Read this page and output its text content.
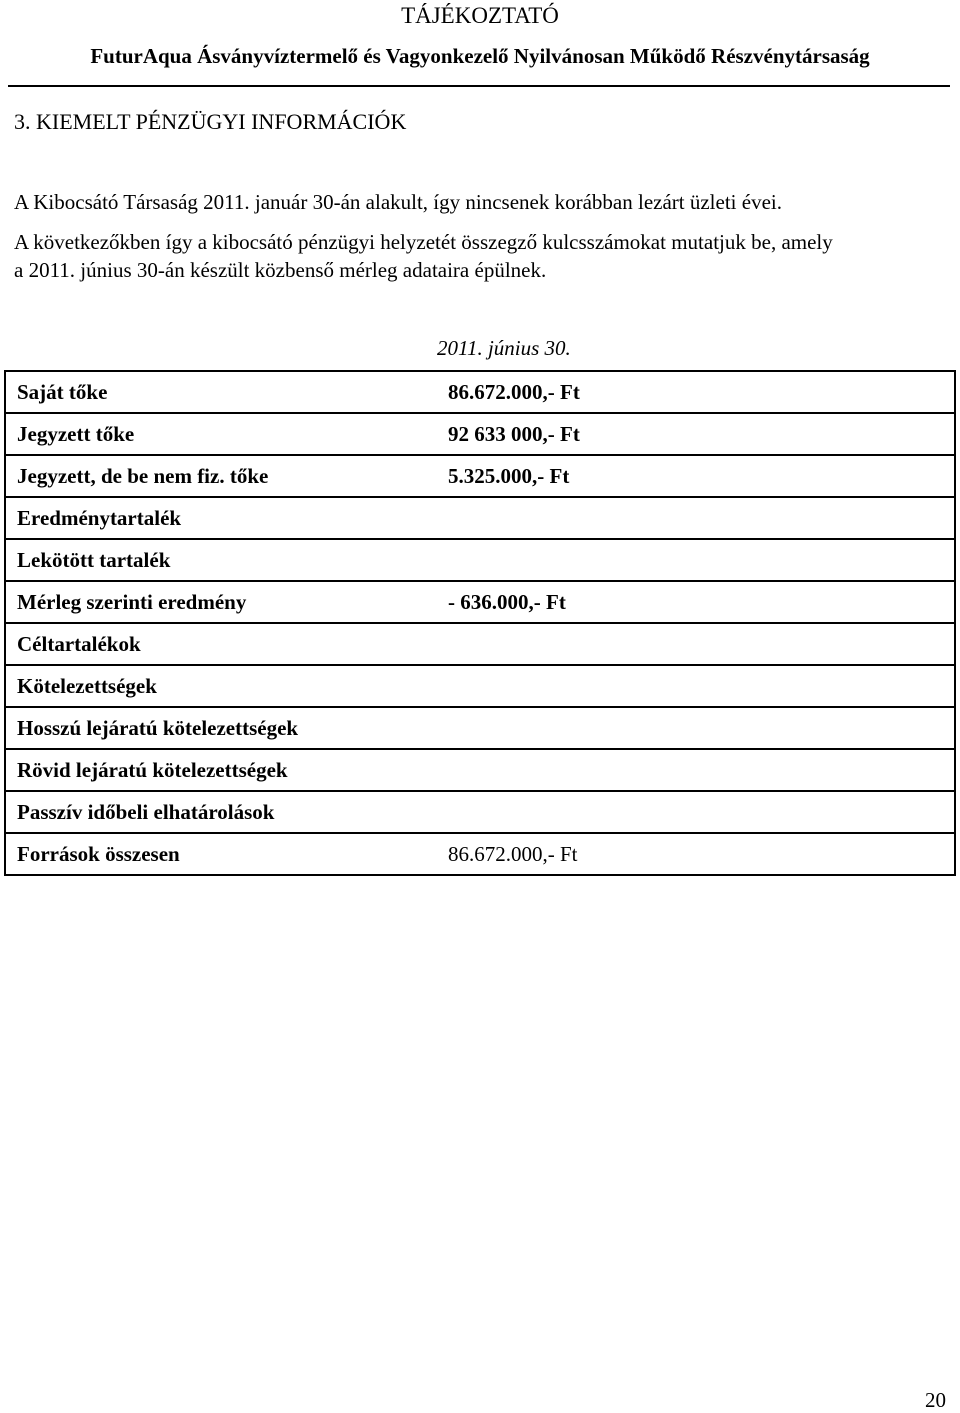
TÁJÉKOZTATÓ
FuturAqua Ásványvíztermelő és Vagyonkezelő Nyilvánosan Működő Részvénytársaság
3. KIEMELT PÉNZÜGYI INFORMÁCIÓK
A Kibocsátó Társaság 2011. január 30-án alakult, így nincsenek korábban lezárt üzleti évei.
A következőkben így a kibocsátó pénzügyi helyzetét összegző kulcsszámokat mutatjuk be, amely
a 2011. június 30-án készült közbenső mérleg adataira épülnek.
2011. június 30.
Saját tőke	86.672.000,- Ft
Jegyzett tőke	92 633 000,- Ft
Jegyzett, de be nem fiz. tőke	5.325.000,- Ft
Eredménytartalék	
Lekötött tartalék	
Mérleg szerinti eredmény	- 636.000,- Ft
Céltartalékok	
Kötelezettségek	
Hosszú lejáratú kötelezettségek	
Rövid lejáratú kötelezettségek	
Passzív időbeli elhatárolások	
Források összesen	86.672.000,- Ft
20
